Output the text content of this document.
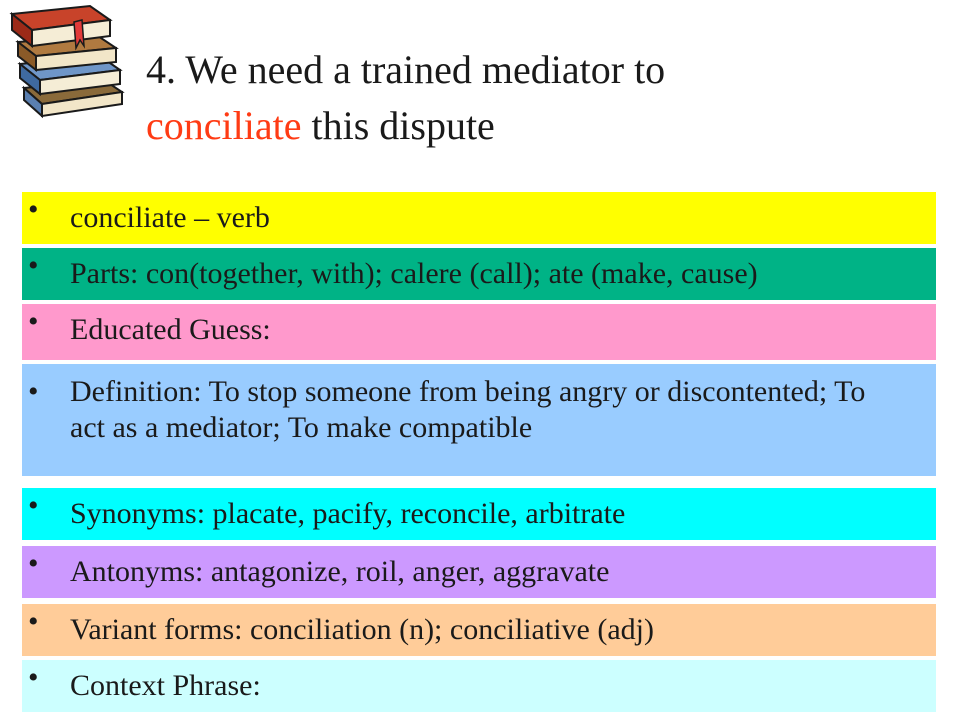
4. We need a trained mediator to
conciliate this dispute
• conciliate – verb
• Parts: con(together, with); calere (call); ate (make, cause)
• Educated Guess:
• Definition: To stop someone from being angry or discontented; To act as a mediator; To make compatible
• Synonyms: placate, pacify, reconcile, arbitrate
• Antonyms: antagonize, roil, anger, aggravate
• Variant forms: conciliation (n); conciliative (adj)
• Context Phrase:
